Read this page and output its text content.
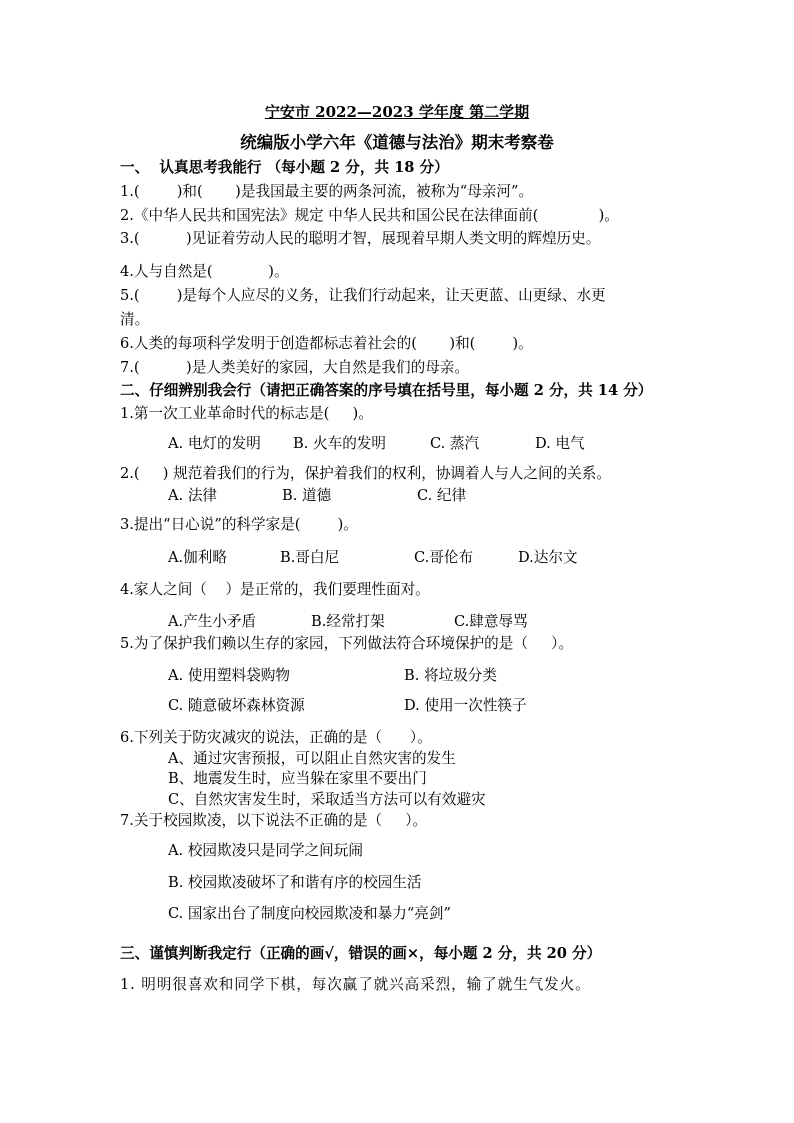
宁安市 2022—2023 学年度 第二学期
统编版小学六年《道德与法治》期末考察卷
一、  认真思考我能行 （每小题 2 分，共 18 分）
1.(        )和(       )是我国最主要的两条河流，被称为“母亲河”。
2.《中华人民共和国宪法》规定 中华人民共和国公民在法律面前(             )。
3.(          )见证着劳动人民的聪明才智，展现着早期人类文明的辉煌历史。
4.人与自然是(            )。
5.(        )是每个人应尽的义务，让我们行动起来，让天更蓝、山更绿、水更
清。
6.人类的每项科学发明于创造都标志着社会的(       )和(        )。
7.(          )是人类美好的家园，大自然是我们的母亲。
二、仔细辨别我会行（请把正确答案的序号填在括号里，每小题 2 分，共 14 分）
1.第一次工业革命时代的标志是(     )。
A. 电灯的发明 B. 火车的发明	C. 蒸汽	D. 电气
2.(     ) 规范着我们的行为，保护着我们的权利，协调着人与人之间的关系。
A. 法律	B. 道德	C. 纪律
3.提出“日心说”的科学家是(        )。
A.伽利略	B.哥白尼	C.哥伦布	D.达尔文
4.家人之间（    ）是正常的，我们要理性面对。
A.产生小矛盾	B.经常打架	C.肆意辱骂
5.为了保护我们赖以生存的家园，下列做法符合环境保护的是（     ）。
A. 使用塑料袋购物	B. 将垃圾分类
C. 随意破坏森林资源	D. 使用一次性筷子
6.下列关于防灾减灾的说法，正确的是（      ）。
A、通过灾害预报，可以阻止自然灾害的发生
B、地震发生时，应当躲在家里不要出门
C、自然灾害发生时，采取适当方法可以有效避灾
7.关于校园欺凌，以下说法不正确的是（     ）。
A. 校园欺凌只是同学之间玩闹
B. 校园欺凌破坏了和谐有序的校园生活
C. 国家出台了制度向校园欺凌和暴力“亮剑”
三、谨慎判断我定行（正确的画√，错误的画×，每小题 2 分，共 20 分）
1. 明明很喜欢和同学下棋，每次赢了就兴高采烈，输了就生气发火。
